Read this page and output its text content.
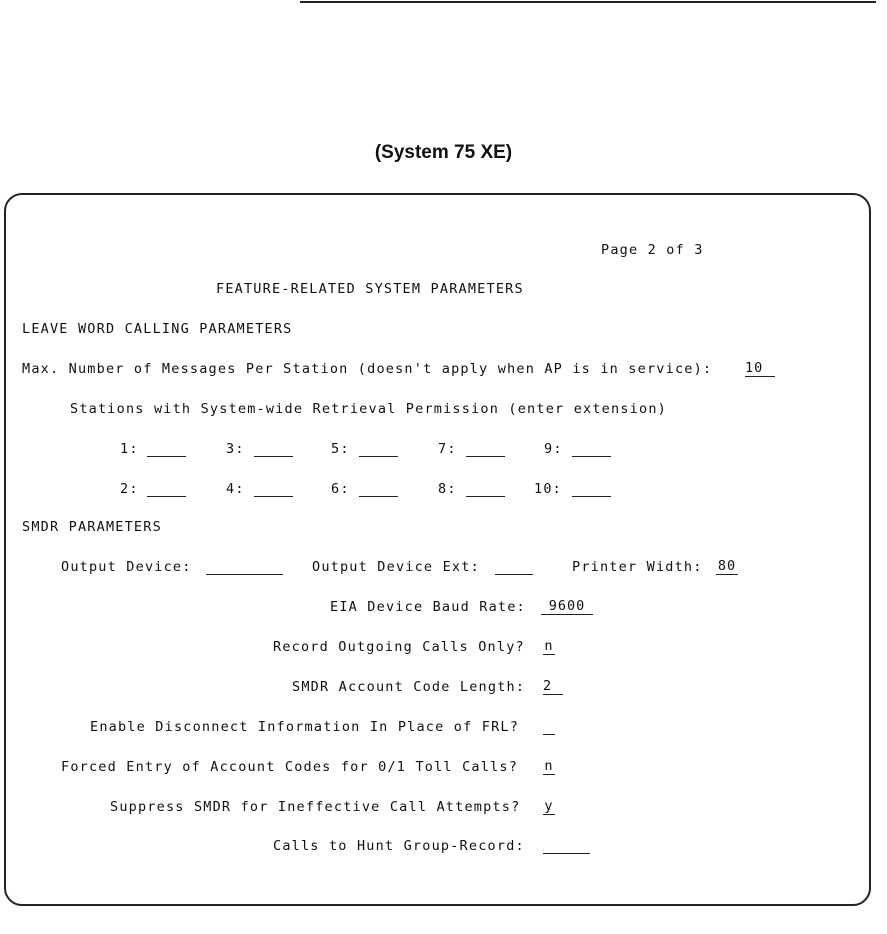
(System 75 XE)
Page 2 of 3
FEATURE-RELATED SYSTEM PARAMETERS
LEAVE WORD CALLING PARAMETERS
Max. Number of Messages Per Station (doesn't apply when AP is in service): 10
Stations with System-wide Retrieval Permission (enter extension)
1:	3:	5:	7:	9:
2:	4:	6:	8:	10:
SMDR PARAMETERS
Output Device:	Output Device Ext:	Printer Width: 80
EIA Device Baud Rate:	9600
Record Outgoing Calls Only? n
SMDR Account Code Length: 2
Enable Disconnect Information In Place of FRL?
Forced Entry of Account Codes for 0/1 Toll Calls? n
Suppress SMDR for Ineffective Call Attempts? y
Calls to Hunt Group-Record:
